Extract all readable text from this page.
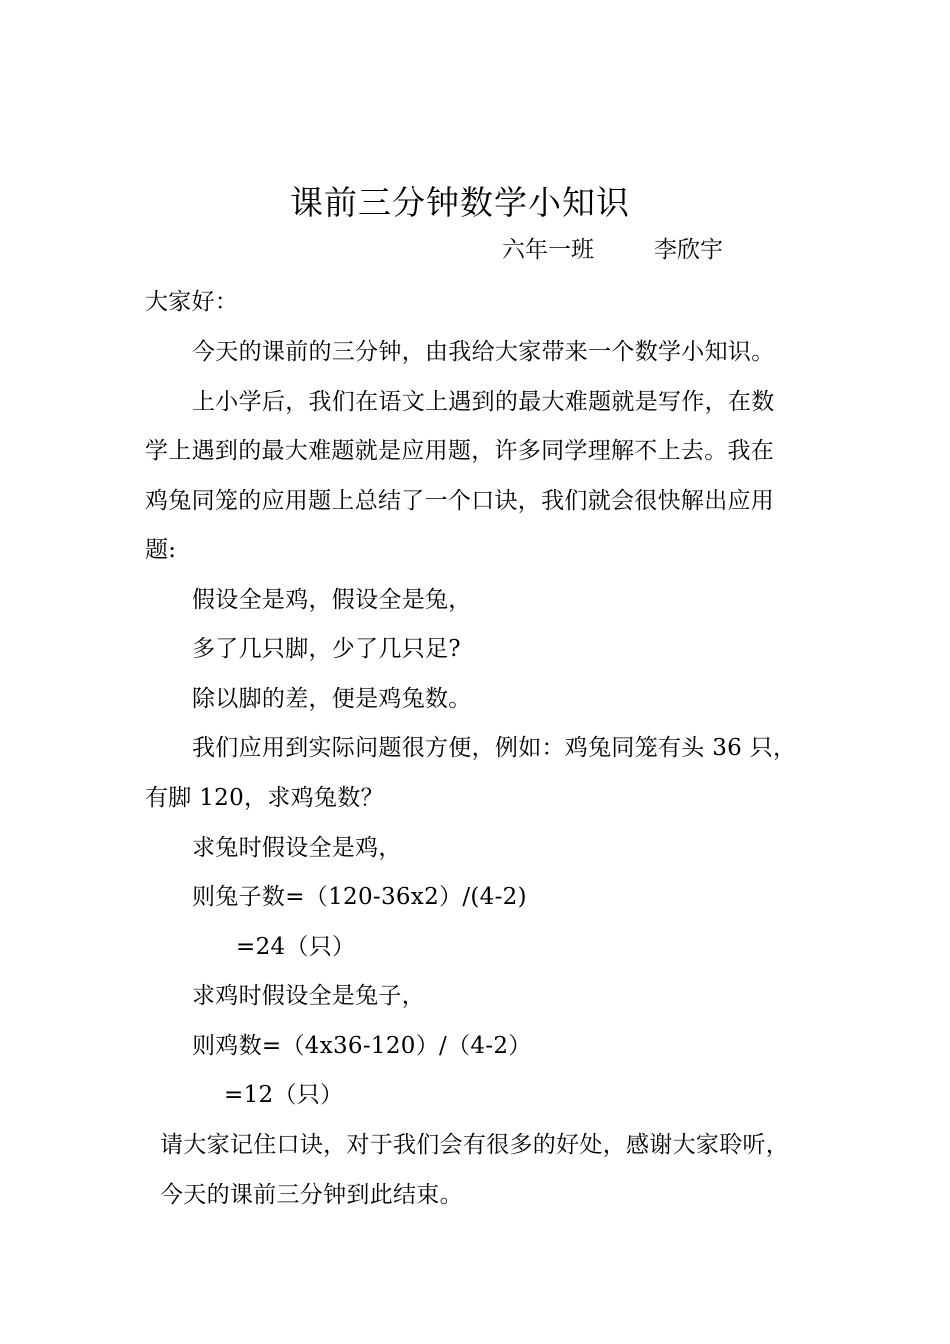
课前三分钟数学小知识
六年一班	李欣宇
大家好：
今天的课前的三分钟，由我给大家带来一个数学小知识。
上小学后，我们在语文上遇到的最大难题就是写作，在数
学上遇到的最大难题就是应用题，许多同学理解不上去。我在
鸡兔同笼的应用题上总结了一个口诀，我们就会很快解出应用
题:
假设全是鸡，假设全是兔，
多了几只脚，少了几只足?
除以脚的差，便是鸡兔数。
我们应用到实际问题很方便，例如：鸡兔同笼有头 36 只，
有脚 120，求鸡兔数？
求兔时假设全是鸡，
则兔子数=（120-36x2）/(4-2)
=24（只）
求鸡时假设全是兔子，
则鸡数=（4x36-120）/（4-2）
=12（只）
请大家记住口诀，对于我们会有很多的好处，感谢大家聆听，
今天的课前三分钟到此结束。
